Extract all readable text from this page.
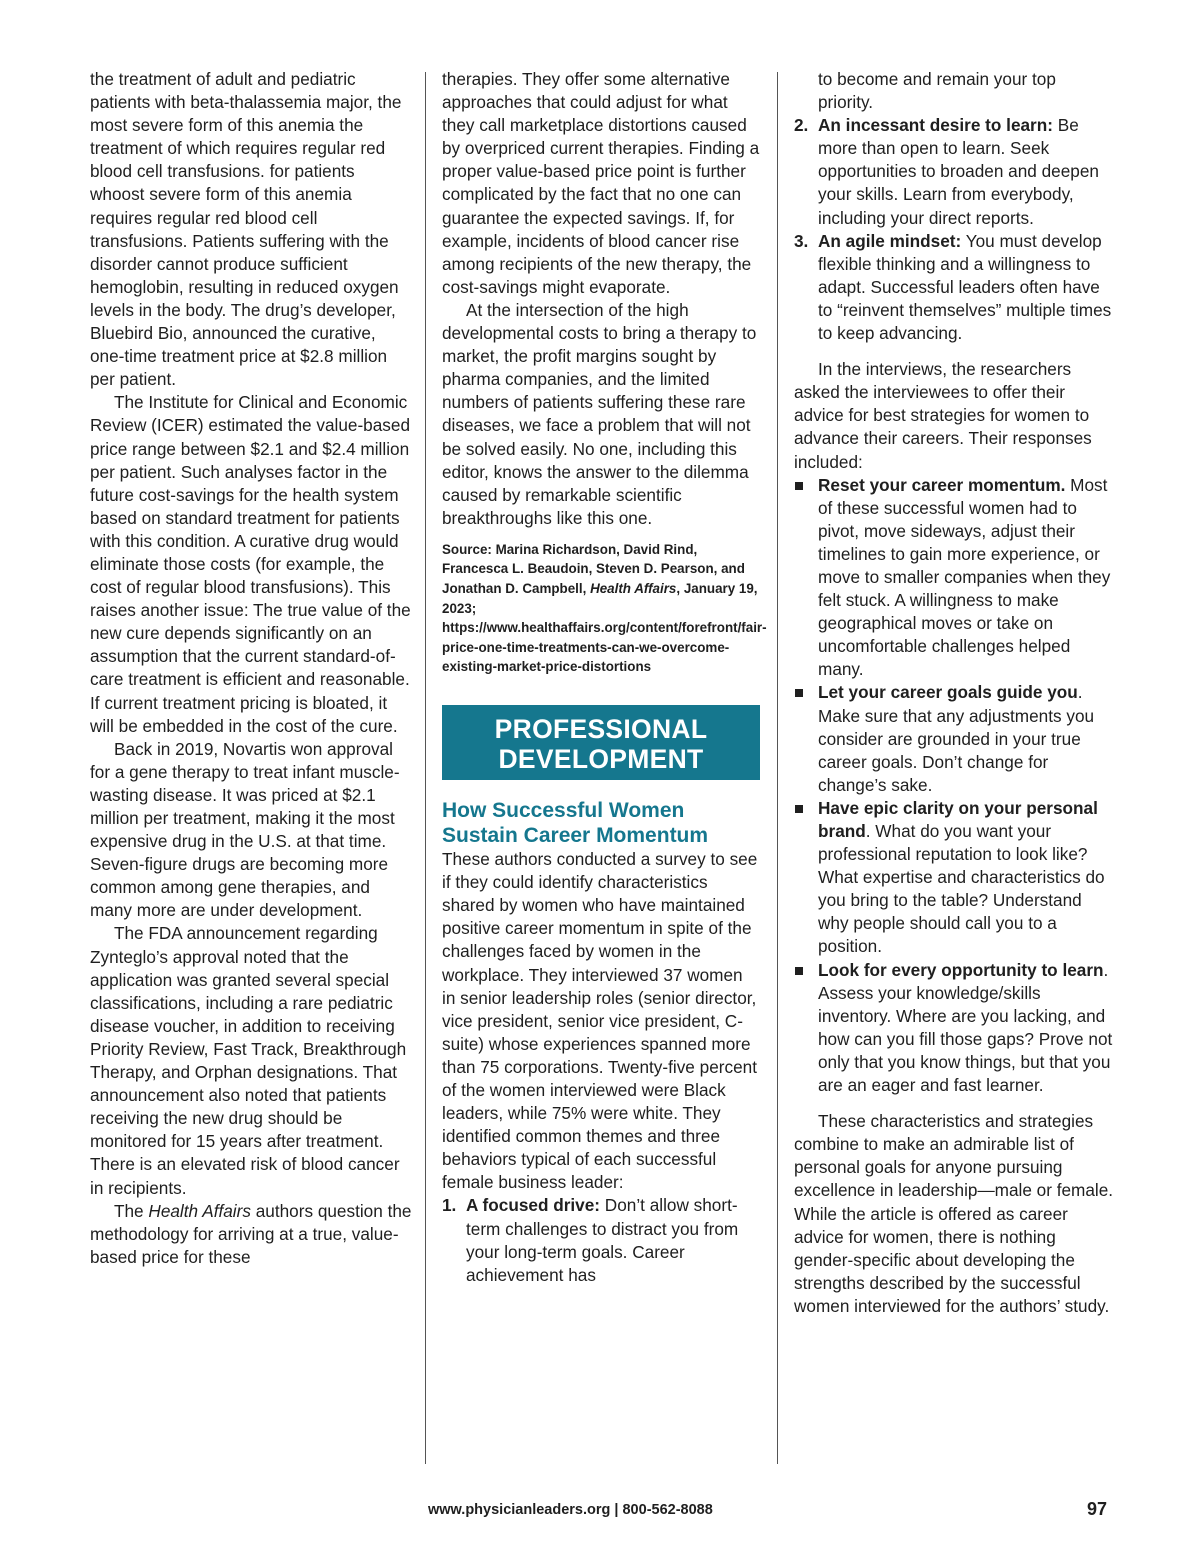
the treatment of adult and pediatric patients with beta-thalassemia major, the most severe form of this anemia the treatment of which requires regular red blood cell transfusions. for patients whoost severe form of this anemia requires regular red blood cell transfusions. Patients suffering with the disorder cannot produce sufficient hemoglobin, resulting in reduced oxygen levels in the body. The drug’s developer, Bluebird Bio, announced the curative, one-time treatment price at $2.8 million per patient.

The Institute for Clinical and Economic Review (ICER) estimated the value-based price range between $2.1 and $2.4 million per patient. Such analyses factor in the future cost-savings for the health system based on standard treatment for patients with this condition. A curative drug would eliminate those costs (for example, the cost of regular blood transfusions). This raises another issue: The true value of the new cure depends significantly on an assumption that the current standard-of-care treatment is efficient and reasonable. If current treatment pricing is bloated, it will be embedded in the cost of the cure.

Back in 2019, Novartis won approval for a gene therapy to treat infant muscle-wasting disease. It was priced at $2.1 million per treatment, making it the most expensive drug in the U.S. at that time. Seven-figure drugs are becoming more common among gene therapies, and many more are under development.

The FDA announcement regarding Zynteglo’s approval noted that the application was granted several special classifications, including a rare pediatric disease voucher, in addition to receiving Priority Review, Fast Track, Breakthrough Therapy, and Orphan designations. That announcement also noted that patients receiving the new drug should be monitored for 15 years after treatment. There is an elevated risk of blood cancer in recipients.

The Health Affairs authors question the methodology for arriving at a true, value-based price for these

therapies. They offer some alternative approaches that could adjust for what they call marketplace distortions caused by overpriced current therapies. Finding a proper value-based price point is further complicated by the fact that no one can guarantee the expected savings. If, for example, incidents of blood cancer rise among recipients of the new therapy, the cost-savings might evaporate.

At the intersection of the high developmental costs to bring a therapy to market, the profit margins sought by pharma companies, and the limited numbers of patients suffering these rare diseases, we face a problem that will not be solved easily. No one, including this editor, knows the answer to the dilemma caused by remarkable scientific breakthroughs like this one.

Source: Marina Richardson, David Rind, Francesca L. Beaudoin, Steven D. Pearson, and Jonathan D. Campbell, Health Affairs, January 19, 2023; https://www.healthaffairs.org/content/forefront/fair-price-one-time-treatments-can-we-overcome-existing-market-price-distortions

PROFESSIONAL
DEVELOPMENT

How Successful Women Sustain Career Momentum

These authors conducted a survey to see if they could identify characteristics shared by women who have maintained positive career momentum in spite of the challenges faced by women in the workplace. They interviewed 37 women in senior leadership roles (senior director, vice president, senior vice president, C-suite) whose experiences spanned more than 75 corporations. Twenty-five percent of the women interviewed were Black leaders, while 75% were white. They identified common themes and three behaviors typical of each successful female business leader:

1. A focused drive: Don’t allow short-term challenges to distract you from your long-term goals. Career achievement has
to become and remain your top priority.
2. An incessant desire to learn: Be more than open to learn. Seek opportunities to broaden and deepen your skills. Learn from everybody, including your direct reports.
3. An agile mindset: You must develop flexible thinking and a willingness to adapt. Successful leaders often have to “reinvent themselves” multiple times to keep advancing.

In the interviews, the researchers asked the interviewees to offer their advice for best strategies for women to advance their careers. Their responses included:

Reset your career momentum. Most of these successful women had to pivot, move sideways, adjust their timelines to gain more experience, or move to smaller companies when they felt stuck. A willingness to make geographical moves or take on uncomfortable challenges helped many.
Let your career goals guide you. Make sure that any adjustments you consider are grounded in your true career goals. Don’t change for change’s sake.
Have epic clarity on your personal brand. What do you want your professional reputation to look like? What expertise and characteristics do you bring to the table? Understand why people should call you to a position.
Look for every opportunity to learn. Assess your knowledge/skills inventory. Where are you lacking, and how can you fill those gaps? Prove not only that you know things, but that you are an eager and fast learner.

These characteristics and strategies combine to make an admirable list of personal goals for anyone pursuing excellence in leadership—male or female. While the article is offered as career advice for women, there is nothing gender-specific about developing the strengths described by the successful women interviewed for the authors’ study.

www.physicianleaders.org | 800-562-8088	97
